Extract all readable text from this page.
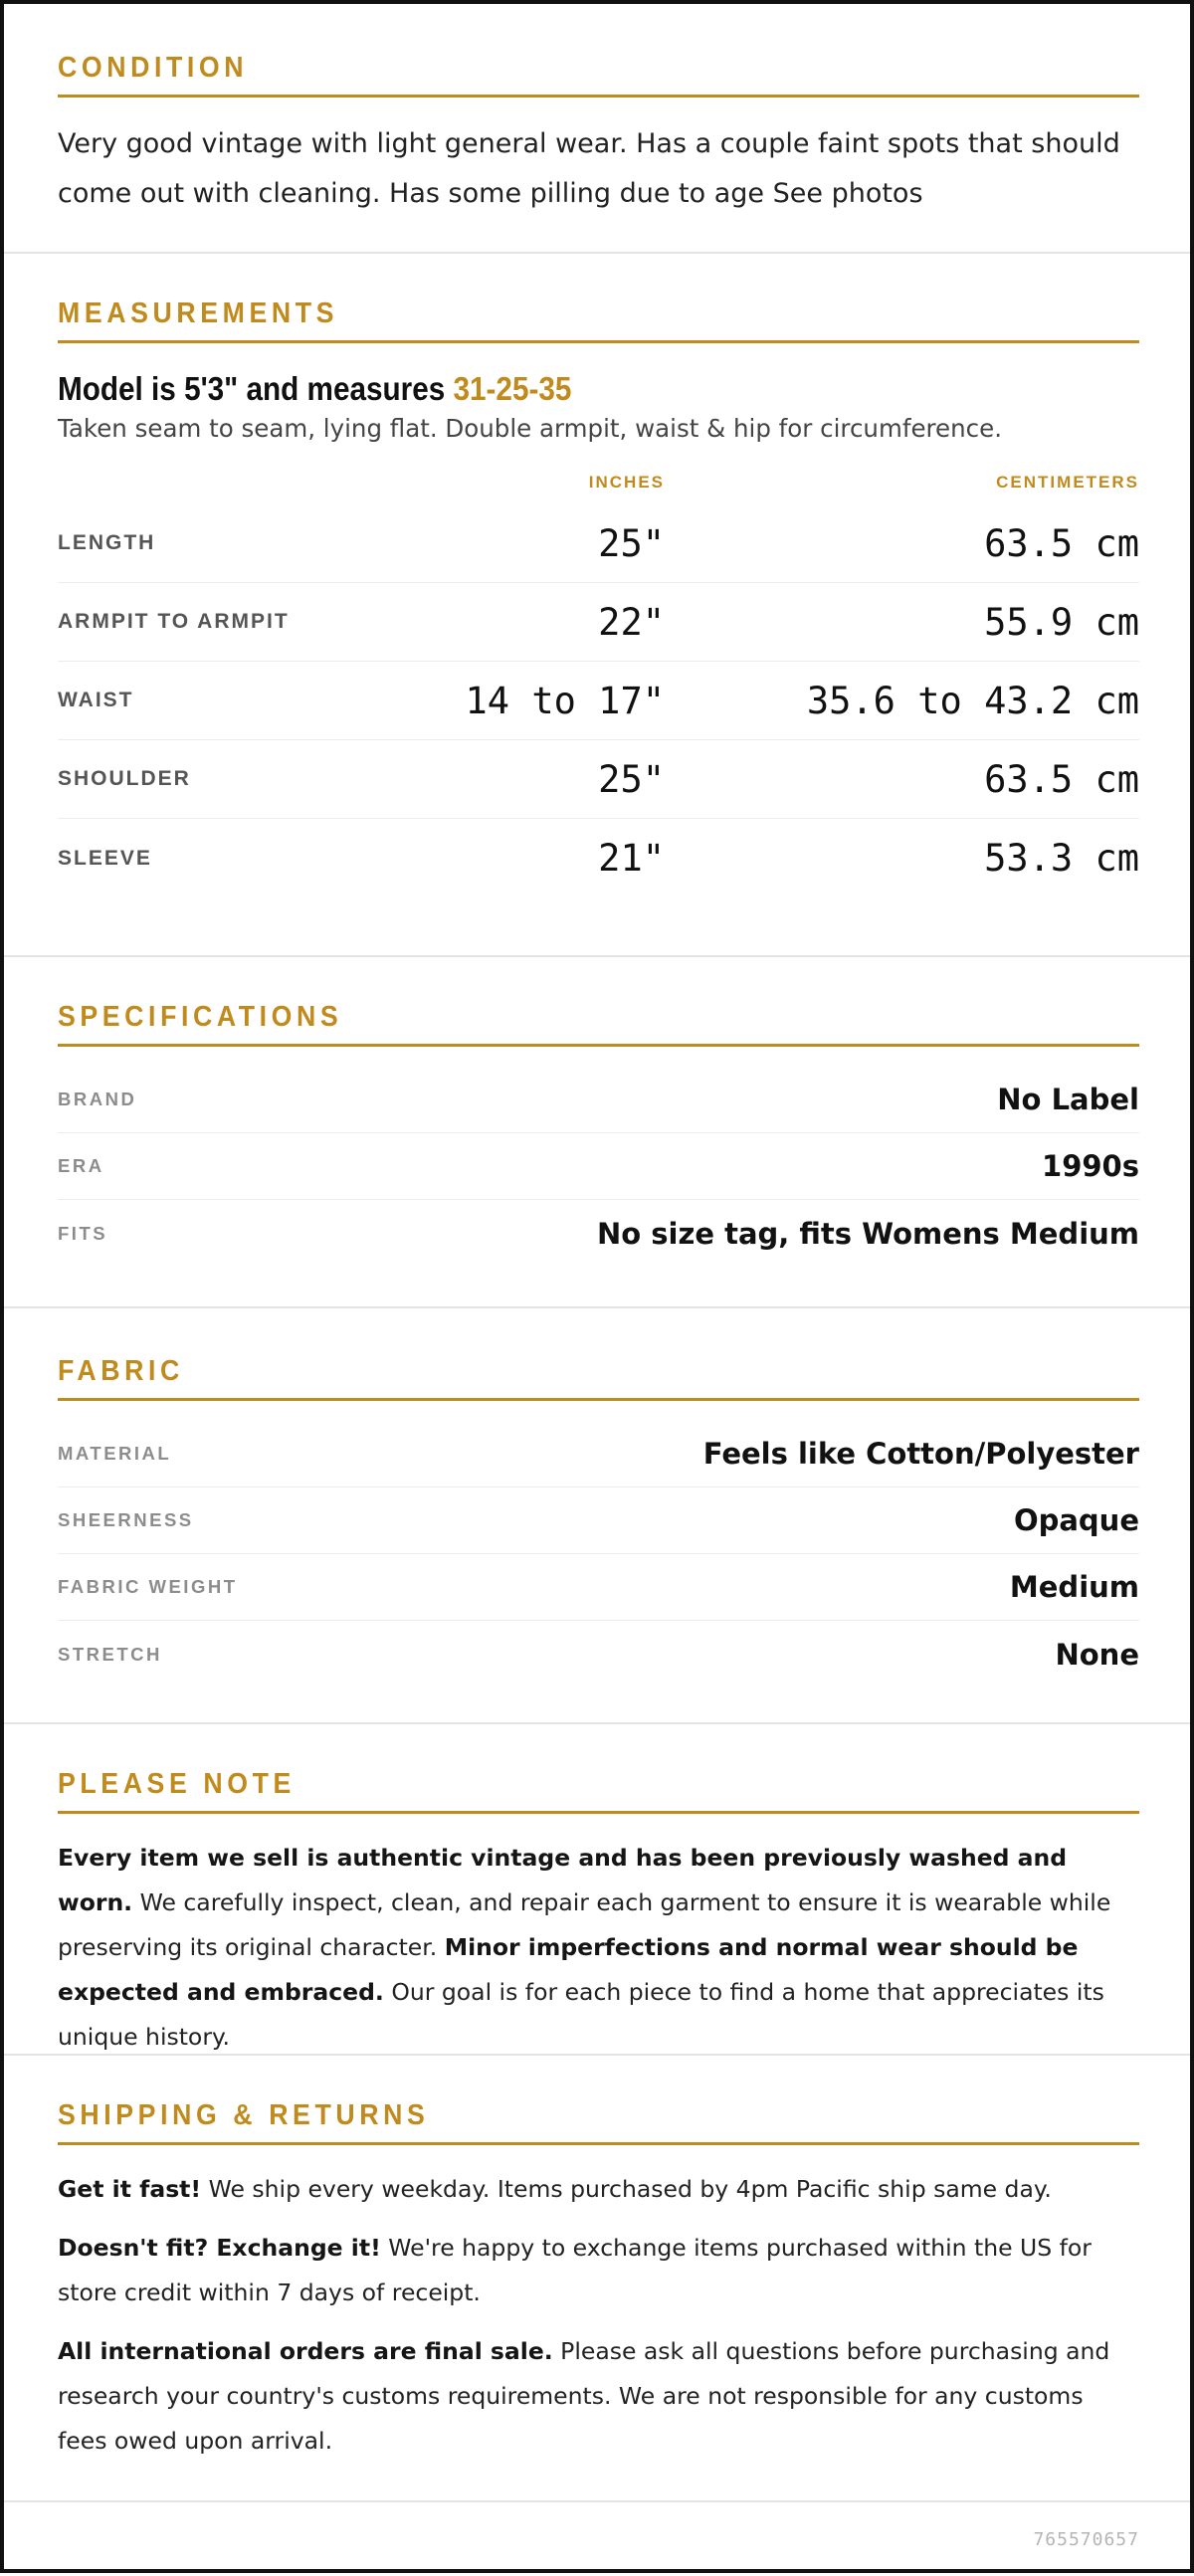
CONDITION
Very good vintage with light general wear. Has a couple faint spots that should come out with cleaning. Has some pilling due to age See photos
MEASUREMENTS
Model is 5'3" and measures 31-25-35
Taken seam to seam, lying flat. Double armpit, waist & hip for circumference.
INCHES	CENTIMETERS
LENGTH	25"	63.5 cm
ARMPIT TO ARMPIT	22"	55.9 cm
WAIST	14 to 17"	35.6 to 43.2 cm
SHOULDER	25"	63.5 cm
SLEEVE	21"	53.3 cm
SPECIFICATIONS
BRAND	No Label
ERA	1990s
FITS	No size tag, fits Womens Medium
FABRIC
MATERIAL	Feels like Cotton/Polyester
SHEERNESS	Opaque
FABRIC WEIGHT	Medium
STRETCH	None
PLEASE NOTE

Every item we sell is authentic vintage and has been previously washed and worn. We carefully inspect, clean, and repair each garment to ensure it is wearable while preserving its original character. Minor imperfections and normal wear should be expected and embraced. Our goal is for each piece to find a home that appreciates its unique history.

SHIPPING & RETURNS

Get it fast! We ship every weekday. Items purchased by 4pm Pacific ship same day.

Doesn't fit? Exchange it! We're happy to exchange items purchased within the US for store credit within 7 days of receipt.

All international orders are final sale. Please ask all questions before purchasing and research your country's customs requirements. We are not responsible for any customs fees owed upon arrival.

765570657
